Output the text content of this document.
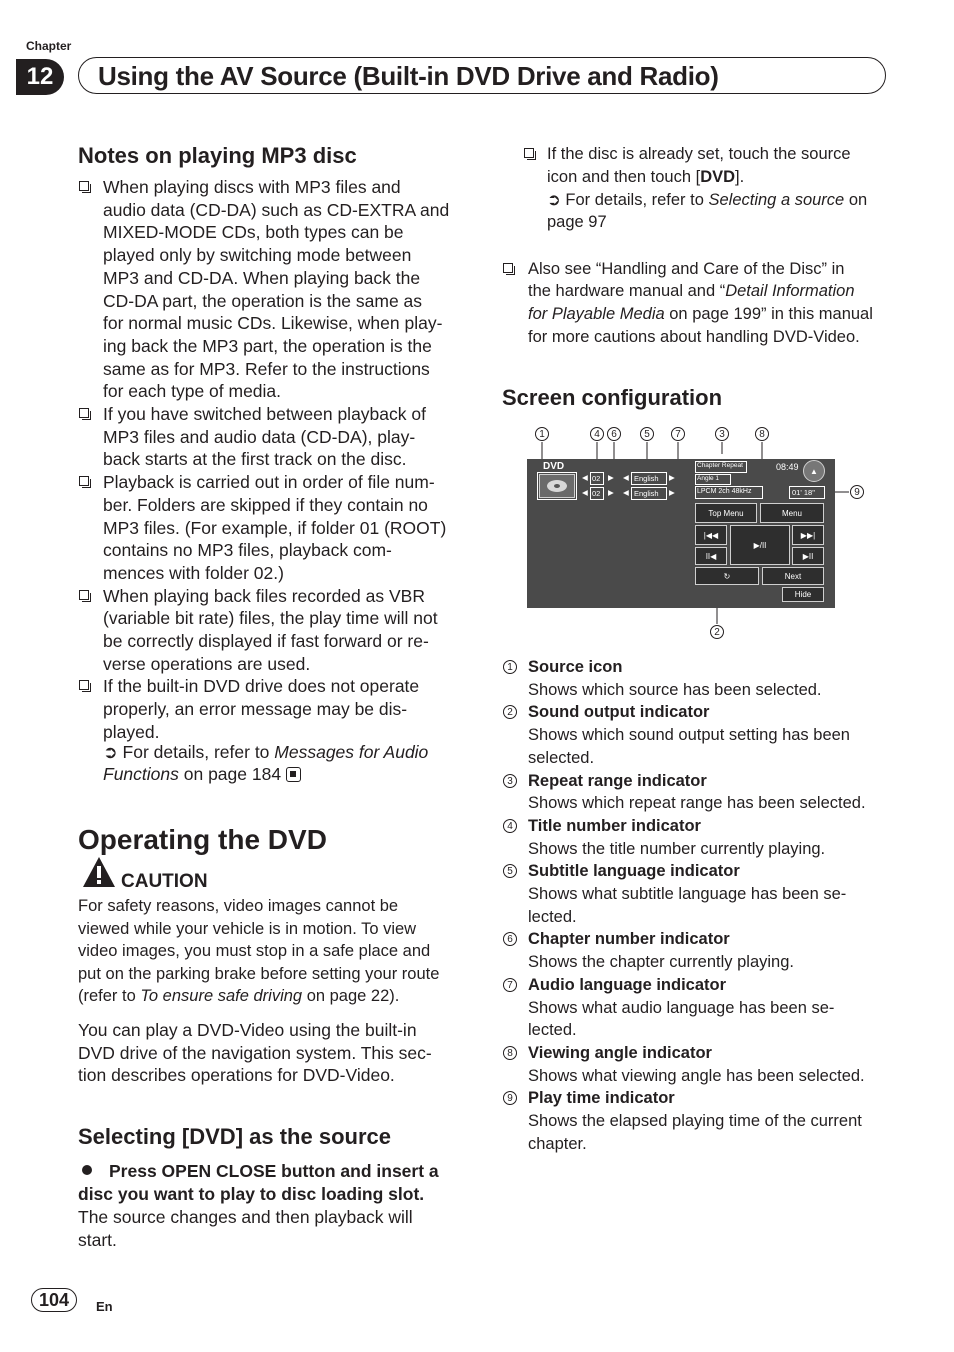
Chapter
12	Using the AV Source (Built-in DVD Drive and Radio)
Notes on playing MP3 disc
When playing discs with MP3 files and
audio data (CD-DA) such as CD-EXTRA and
MIXED-MODE CDs, both types can be
played only by switching mode between
MP3 and CD-DA. When playing back the
CD-DA part, the operation is the same as
for normal music CDs. Likewise, when play-
ing back the MP3 part, the operation is the
same as for MP3. Refer to the instructions
for each type of media.
If you have switched between playback of
MP3 files and audio data (CD-DA), play-
back starts at the first track on the disc.
Playback is carried out in order of file num-
ber. Folders are skipped if they contain no
MP3 files. (For example, if folder 01 (ROOT)
contains no MP3 files, playback com-
mences with folder 02.)
When playing back files recorded as VBR
(variable bit rate) files, the play time will not
be correctly displayed if fast forward or re-
verse operations are used.
If the built-in DVD drive does not operate
properly, an error message may be dis-
played.
➲ For details, refer to Messages for Audio
Functions on page 184
Operating the DVD
CAUTION
For safety reasons, video images cannot be
viewed while your vehicle is in motion. To view
video images, you must stop in a safe place and
put on the parking brake before setting your route
(refer to To ensure safe driving on page 22).
You can play a DVD-Video using the built-in
DVD drive of the navigation system. This sec-
tion describes operations for DVD-Video.
Selecting [DVD] as the source
Press OPEN CLOSE button and insert a
disc you want to play to disc loading slot.
The source changes and then playback will
start.
If the disc is already set, touch the source
icon and then touch [DVD].
➲ For details, refer to Selecting a source on
page 97
Also see “Handling and Care of the Disc” in
the hardware manual and “Detail Information
for Playable Media on page 199” in this manual
for more cautions about handling DVD-Video.
Screen configuration
1	4	6	5	7	3	8
9
2
DVD
◀
◀
02
02
▶
▶
◀
◀
English
English
▶
▶
Chapter Repeat
Angle 1
LPCM 2ch 48kHz
08:49	▲
01' 18"
Top Menu	Menu
|◀◀
▶/II
▶▶|
II◀	▶II
↻	Next
Hide
1 Source icon
Shows which source has been selected.
2 Sound output indicator
Shows which sound output setting has been
selected.
3 Repeat range indicator
Shows which repeat range has been selected.
4 Title number indicator
Shows the title number currently playing.
5 Subtitle language indicator
Shows what subtitle language has been se-
lected.
6 Chapter number indicator
Shows the chapter currently playing.
7 Audio language indicator
Shows what audio language has been se-
lected.
8 Viewing angle indicator
Shows what viewing angle has been selected.
9 Play time indicator
Shows the elapsed playing time of the current
chapter.
104	En
